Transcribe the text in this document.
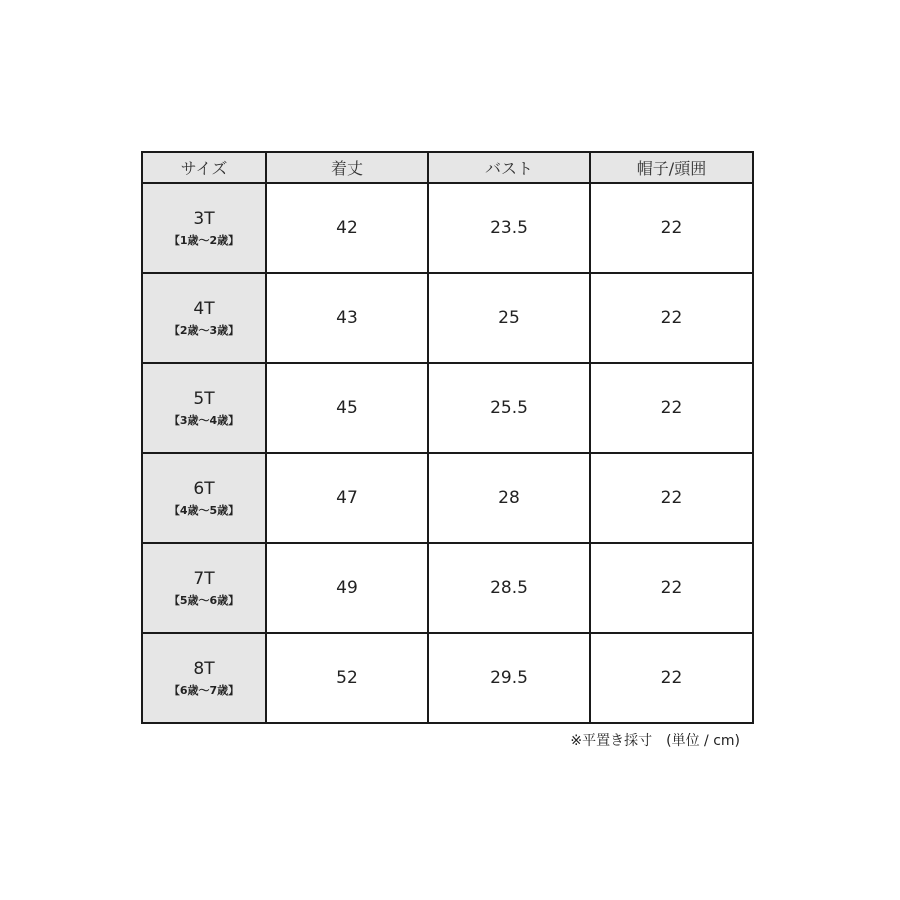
サイズ	着丈	バスト	帽子/頭囲

3T
【1歳～2歳】	42	23.5	22

4T
【2歳～3歳】	43	25	22

5T
【3歳～4歳】	45	25.5	22

6T
【4歳～5歳】	47	28	22

7T
【5歳～6歳】	49	28.5	22

8T
【6歳～7歳】	52	29.5	22
※平置き採寸　(単位 / cm)
